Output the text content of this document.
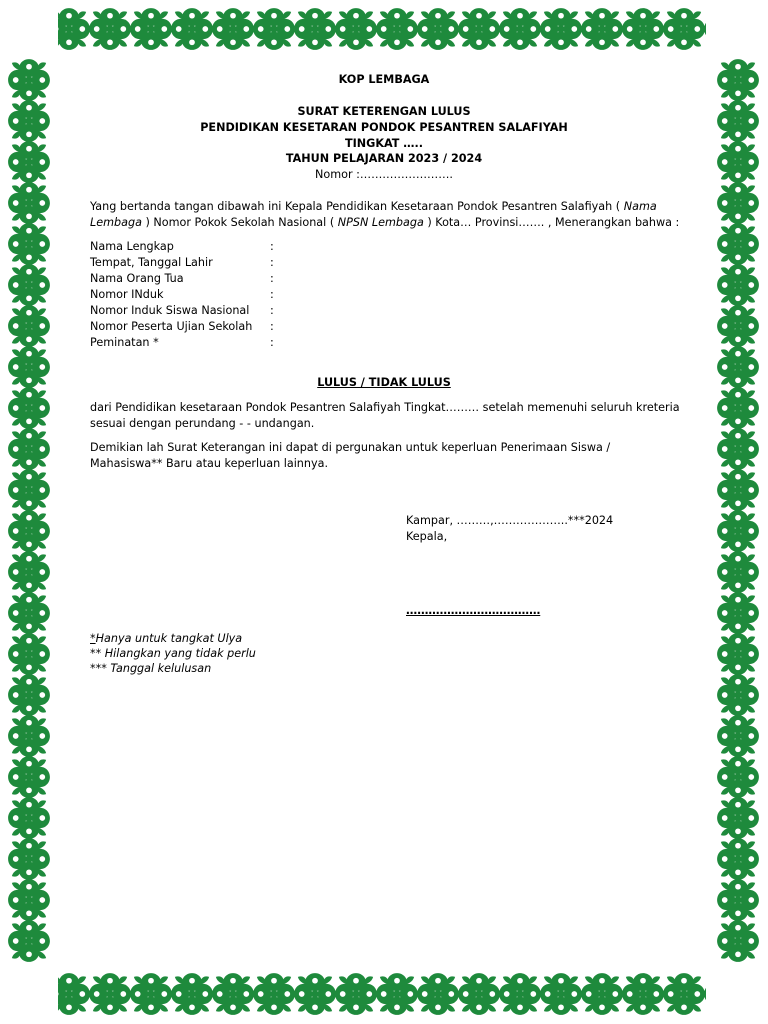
KOP LEMBAGA
SURAT KETERENGAN LULUS
PENDIDIKAN KESETARAN PONDOK PESANTREN SALAFIYAH
TINGKAT …..
TAHUN PELAJARAN 2023 / 2024
Nomor :…………………….
Yang bertanda tangan dibawah ini Kepala Pendidikan Kesetaraan Pondok Pesantren Salafiyah ( Nama
Lembaga ) Nomor Pokok Sekolah Nasional ( NPSN Lembaga ) Kota… Provinsi……. , Menerangkan bahwa :
Nama Lengkap	:
Tempat, Tanggal Lahir	:
Nama Orang Tua	:
Nomor INduk	:
Nomor Induk Siswa Nasional :
Nomor Peserta Ujian Sekolah :
Peminatan *	:
LULUS / TIDAK LULUS
dari Pendidikan kesetaraan Pondok Pesantren Salafiyah Tingkat……… setelah memenuhi seluruh kreteria
sesuai dengan perundang - - undangan.
Demikian lah Surat Keterangan ini dapat di pergunakan untuk keperluan Penerimaan Siswa /
Mahasiswa** Baru atau keperluan lainnya.
Kampar, ………,………………..***2024
Kepala,
………………………………
*Hanya untuk tangkat Ulya
** Hilangkan yang tidak perlu
*** Tanggal kelulusan
